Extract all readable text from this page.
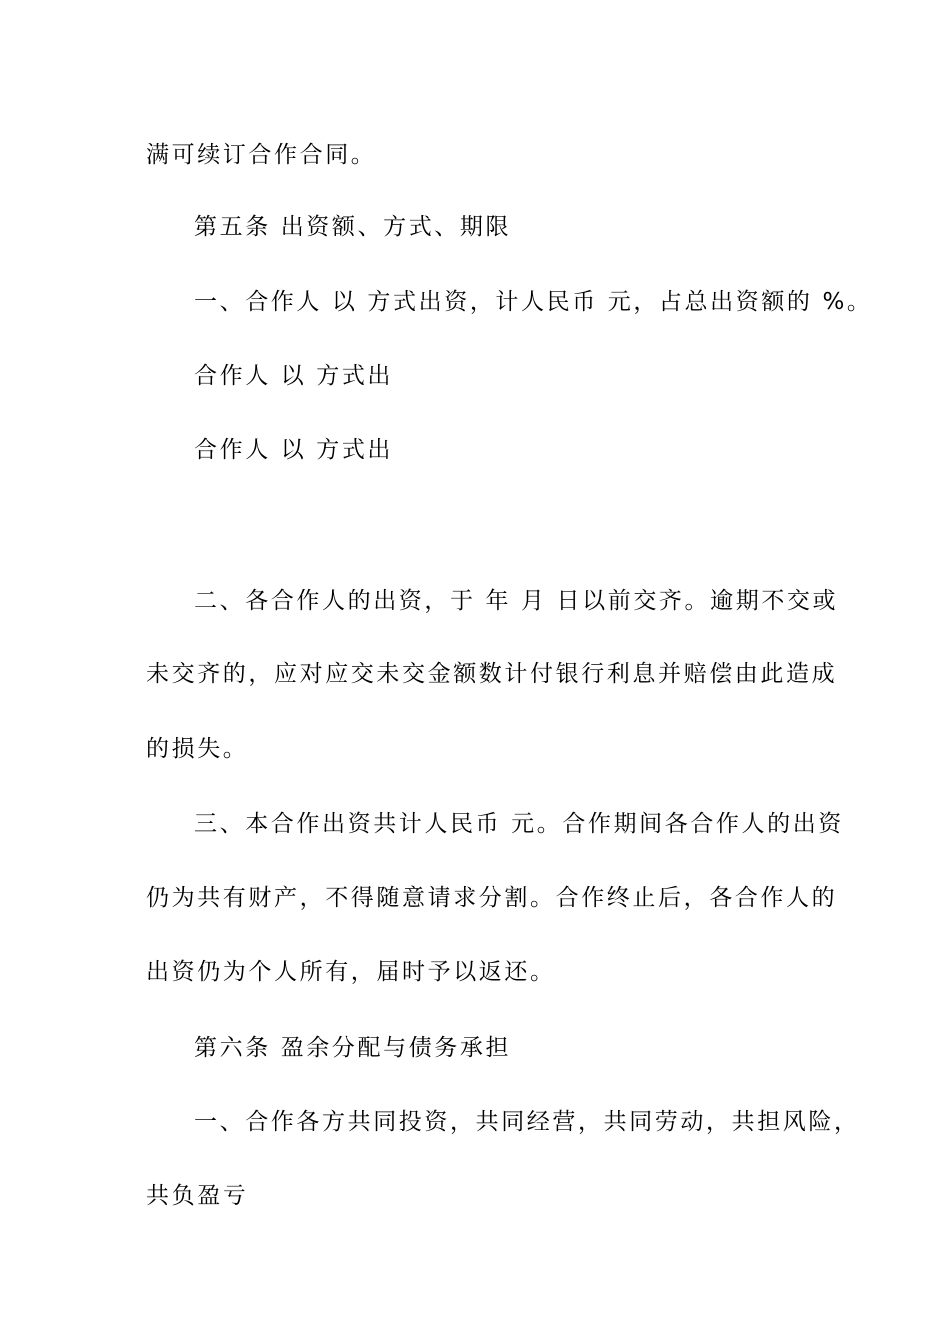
满可续订合作合同。
第五条 出资额、方式、期限
一、合作人 以 方式出资，计人民币 元，占总出资额的 %。
合作人 以 方式出
合作人 以 方式出
二、各合作人的出资，于 年 月 日以前交齐。逾期不交或
未交齐的，应对应交未交金额数计付银行利息并赔偿由此造成
的损失。
三、本合作出资共计人民币 元。合作期间各合作人的出资
仍为共有财产，不得随意请求分割。合作终止后，各合作人的
出资仍为个人所有，届时予以返还。
第六条 盈余分配与债务承担
一、合作各方共同投资，共同经营，共同劳动，共担风险，
共负盈亏
